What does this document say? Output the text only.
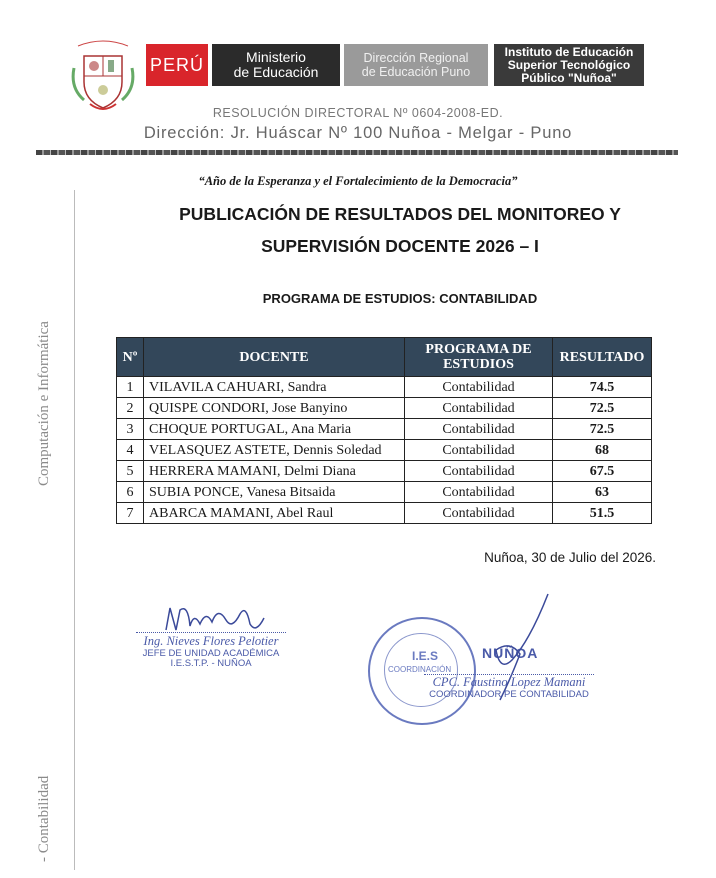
PERÚ	Ministerio
de Educación
Dirección Regional
de Educación Puno
Instituto de Educación
Superior Tecnológico
Público "Nuñoa"
RESOLUCIÓN DIRECTORAL Nº 0604-2008-ED.
Dirección: Jr. Huáscar Nº 100 Nuñoa - Melgar - Puno
Computación e Informática
- Contabilidad
“Año de la Esperanza y el Fortalecimiento de la Democracia”
PUBLICACIÓN DE RESULTADOS DEL MONITOREO Y
SUPERVISIÓN DOCENTE 2026 – I
PROGRAMA DE ESTUDIOS: CONTABILIDAD
Nº	DOCENTE	PROGRAMA DE ESTUDIOS	RESULTADO
1	VILAVILA CAHUARI, Sandra	Contabilidad	74.5
2	QUISPE CONDORI, Jose Banyino	Contabilidad	72.5
3	CHOQUE PORTUGAL, Ana Maria	Contabilidad	72.5
4	VELASQUEZ ASTETE, Dennis Soledad	Contabilidad	68
5	HERRERA MAMANI, Delmi Diana	Contabilidad	67.5
6	SUBIA PONCE, Vanesa Bitsaida	Contabilidad	63
7	ABARCA MAMANI, Abel Raul	Contabilidad	51.5
Nuñoa, 30 de Julio del 2026.
Ing. Nieves Flores Pelotier
JEFE DE UNIDAD ACADÉMICA
I.E.S.T.P. - NUÑOA
I.E.S
COORDINACIÓN
NUÑOA
CPC. Faustino Lopez Mamani
COORDINADOR PE CONTABILIDAD
